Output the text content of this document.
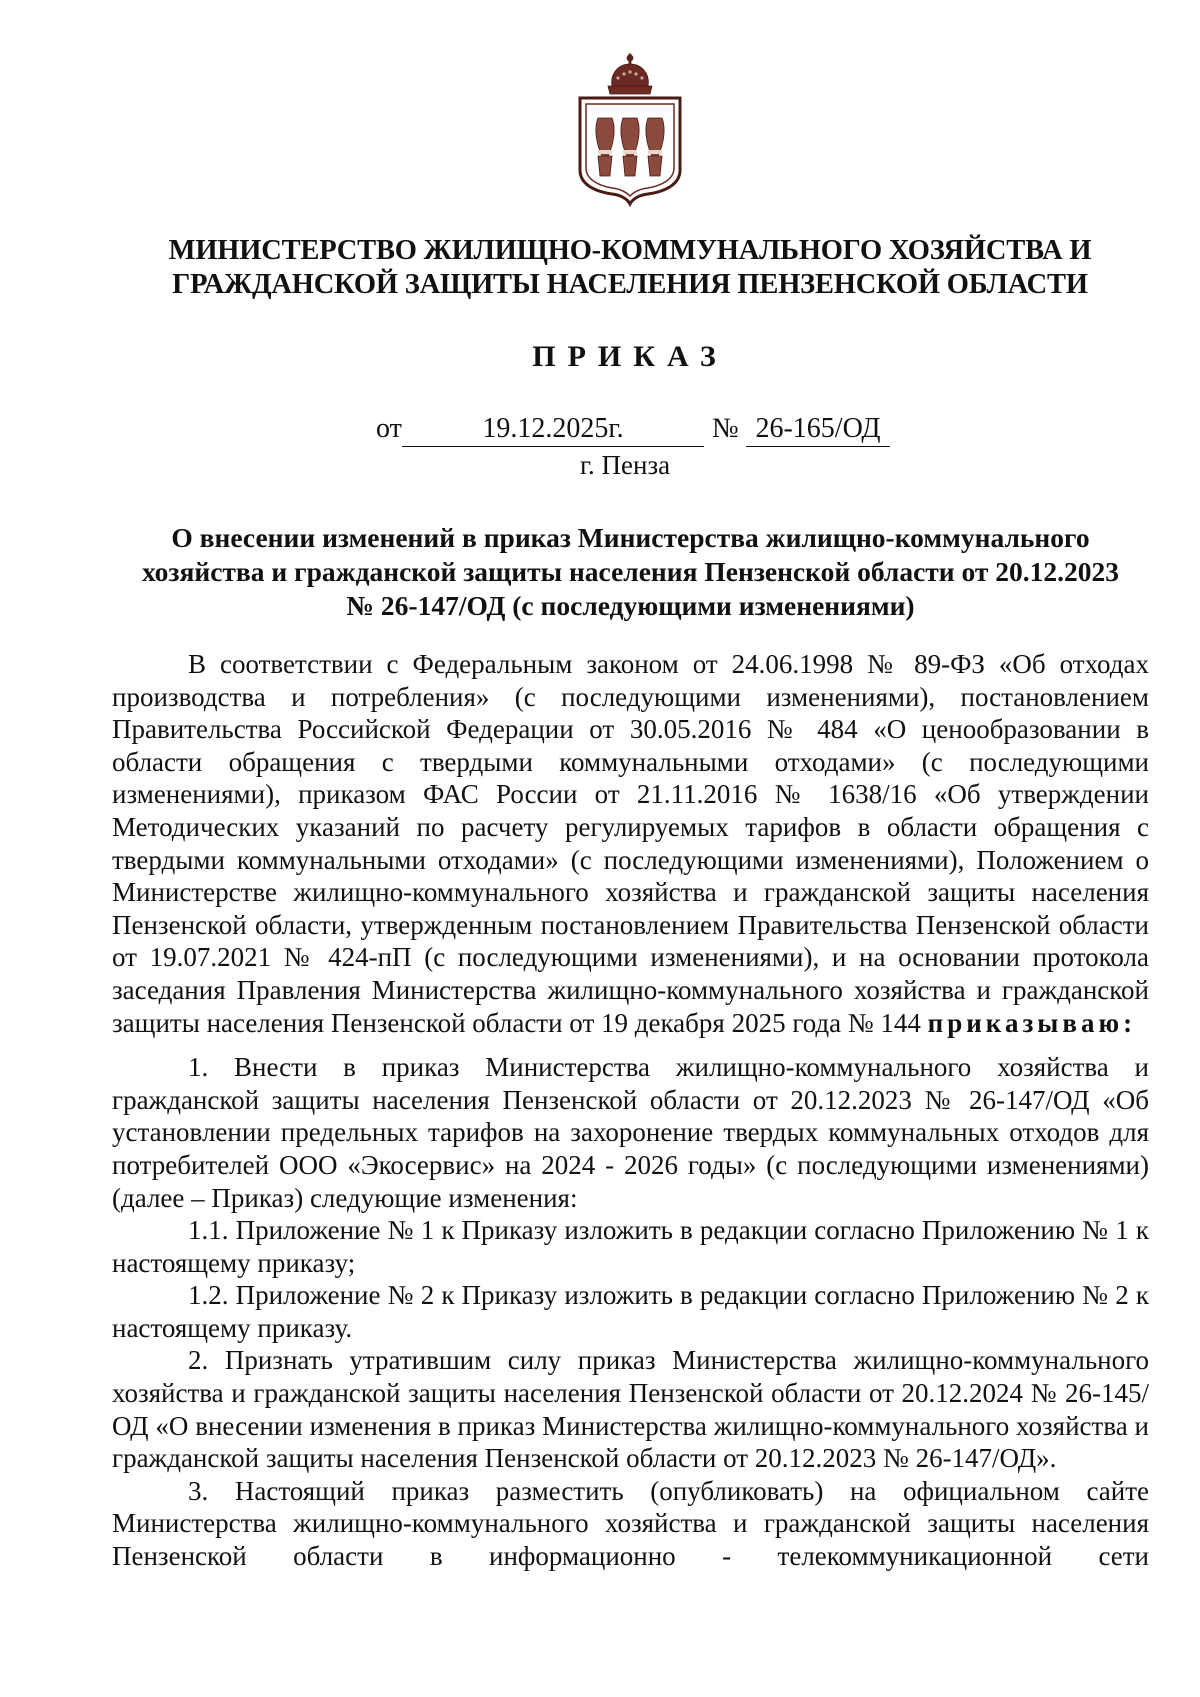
МИНИСТЕРСТВО ЖИЛИЩНО-КОММУНАЛЬНОГО ХОЗЯЙСТВА И
ГРАЖДАНСКОЙ ЗАЩИТЫ НАСЕЛЕНИЯ ПЕНЗЕНСКОЙ ОБЛАСТИ
ПРИКАЗ
от	19.12.2025г.	№ 26-165/ОД
г. Пенза
О внесении изменений в приказ Министерства жилищно-коммунального
хозяйства и гражданской защиты населения Пензенской области от 20.12.2023
№ 26-147/ОД (с последующими изменениями)
В соответствии с Федеральным законом от 24.06.1998 № 89-ФЗ «Об отходах производства и потребления» (с последующими изменениями), постановлением Правительства Российской Федерации от 30.05.2016 № 484 «О ценообразовании в области обращения с твердыми коммунальными отходами» (с последующими изменениями), приказом ФАС России от 21.11.2016 № 1638/16 «Об утверждении Методических указаний по расчету регулируемых тарифов в области обращения с твердыми коммунальными отходами» (с последующими изменениями), Положением о Министерстве жилищно-коммунального хозяйства и гражданской защиты населения Пензенской области, утвержденным постановлением Правительства Пензенской области от 19.07.2021 № 424-пП (с последующими изменениями), и на основании протокола заседания Правления Министерства жилищно-коммунального хозяйства и гражданской защиты населения Пензенской области от 19 декабря 2025 года № 144 приказываю:
1. Внести в приказ Министерства жилищно-коммунального хозяйства и гражданской защиты населения Пензенской области от 20.12.2023 № 26-147/ОД «Об установлении предельных тарифов на захоронение твердых коммунальных отходов для потребителей ООО «Экосервис» на 2024 - 2026 годы» (с последующими изменениями) (далее – Приказ) следующие изменения:
1.1. Приложение № 1 к Приказу изложить в редакции согласно Приложению № 1 к настоящему приказу;
1.2. Приложение № 2 к Приказу изложить в редакции согласно Приложению № 2 к настоящему приказу.
2. Признать утратившим силу приказ Министерства жилищно-коммунального хозяйства и гражданской защиты населения Пензенской области от 20.12.2024 № 26-145/ОД «О внесении изменения в приказ Министерства жилищно-коммунального хозяйства и гражданской защиты населения Пензенской области от 20.12.2023 № 26-147/ОД».
3. Настоящий приказ разместить (опубликовать) на официальном сайте Министерства жилищно-коммунального хозяйства и гражданской защиты населения Пензенской области в информационно - телекоммуникационной сети
